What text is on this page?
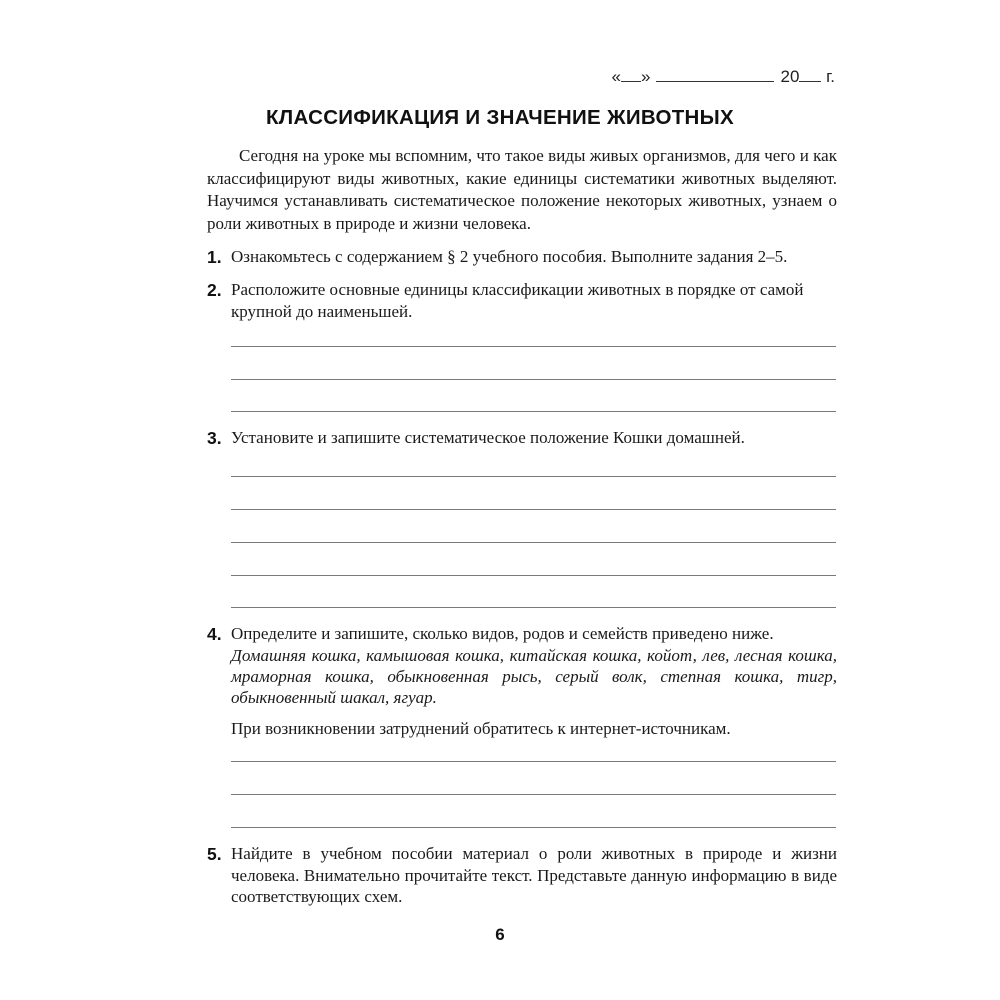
« »	20 г.
КЛАССИФИКАЦИЯ И ЗНАЧЕНИЕ ЖИВОТНЫХ

Сегодня на уроке мы вспомним, что такое виды живых организмов, для чего и как классифицируют виды животных, какие единицы систематики животных выделяют. Научимся устанавливать систематическое положение некоторых животных, узнаем о роли животных в природе и жизни человека.

1. Ознакомьтесь с содержанием § 2 учебного пособия. Выполните задания 2–5.
2. Расположите основные единицы классификации животных в порядке от самой крупной до наименьшей.
3. Установите и запишите систематическое положение Кошки домашней.
4. Определите и запишите, сколько видов, родов и семейств приведено ниже.
Домашняя кошка, камышовая кошка, китайская кошка, койот, лев, лесная кошка, мраморная кошка, обыкновенная рысь, серый волк, степная кошка, тигр, обыкновенный шакал, ягуар.
При возникновении затруднений обратитесь к интернет-источникам.
5. Найдите в учебном пособии материал о роли животных в природе и жизни человека. Внимательно прочитайте текст. Представьте данную информацию в виде соответствующих схем.
6
